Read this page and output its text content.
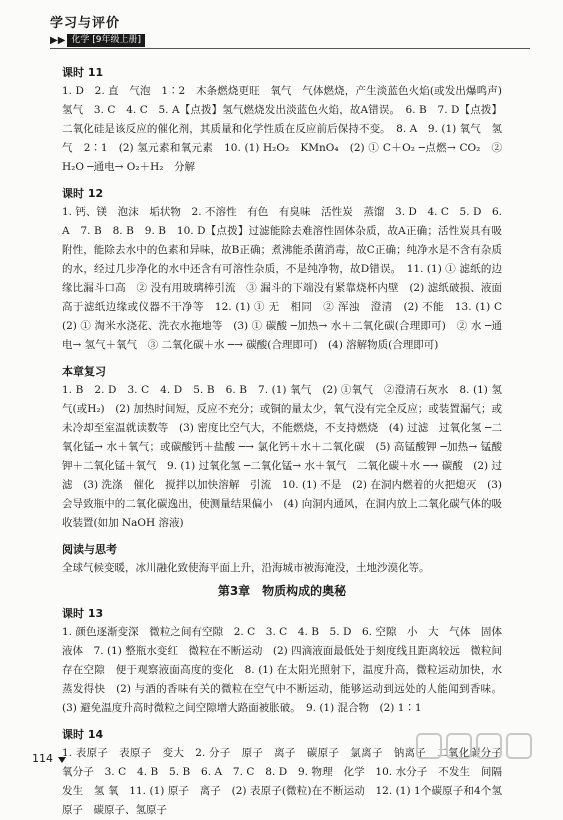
学习与评价
▶▶ 化学 [9年级上册]
课时 11

1. D　2. 直　气泡　1∶2　木条燃烧更旺　氧气　气体燃烧，产生淡蓝色火焰(或发出爆鸣声)　氢气　3. C　4. C　5. A【点拨】氢气燃烧发出淡蓝色火焰，故A错误。　6. B　7. D【点拨】二氧化硅是该反应的催化剂，其质量和化学性质在反应前后保持不变。　8. A　9. (1) 氧气　氢气　2∶1　(2) 氢元素和氧元素　10. (1) H₂O₂　KMnO₄　(2) ① C＋O₂ ─点燃→ CO₂　② H₂O ─通电→ O₂＋H₂　分解

课时 12

1. 钙、镁　泡沫　垢状物　2. 不溶性　有色　有臭味　活性炭　蒸馏　3. D　4. C　5. D　6. A　7. B　8. B　9. B　10. D【点拨】过滤能除去难溶性固体杂质，故A正确；活性炭具有吸附性，能除去水中的色素和异味，故B正确；煮沸能杀菌消毒，故C正确；纯净水是不含有杂质的水，经过几步净化的水中还含有可溶性杂质，不是纯净物，故D错误。　11. (1) ① 滤纸的边缘比漏斗口高　② 没有用玻璃棒引流　③ 漏斗的下端没有紧靠烧杯内壁　(2) 滤纸破损、液面高于滤纸边缘或仪器不干净等　12. (1) ① 无　相同　② 浑浊　澄清　(2) 不能　13. (1) C　(2) ① 淘米水浇花、洗衣水拖地等　(3) ① 碳酸 ─加热→ 水＋二氧化碳(合理即可)　② 水 ─通电→ 氢气＋氧气　③ 二氧化碳＋水 ─→ 碳酸(合理即可)　(4) 溶解物质(合理即可)

本章复习

1. B　2. D　3. C　4. D　5. B　6. B　7. (1) 氧气　(2) ①氧气　②澄清石灰水　8. (1) 氢气(或H₂)　(2) 加热时间短，反应不充分；或铜的量太少，氧气没有完全反应；或装置漏气；或未冷却至室温就读数等　(3) 密度比空气大，不能燃烧，不支持燃烧　(4) 过滤　过氧化氢 ─二氧化锰→ 水＋氧气；或碳酸钙＋盐酸 ─→ 氯化钙＋水＋二氧化碳　(5) 高锰酸钾 ─加热→ 锰酸钾＋二氧化锰＋氧气　9. (1) 过氧化氢 ─二氧化锰→ 水＋氧气　二氧化碳＋水 ─→ 碳酸　(2) 过滤　(3) 洗涤　催化　搅拌以加快溶解　引流　10. (1) 不是　(2) 在洞内燃着的火把熄灭　(3) 会导致瓶中的二氧化碳逸出，使测量结果偏小　(4) 向洞内通风，在洞内放上二氧化碳气体的吸收装置(如加 NaOH 溶液)

阅读与思考

全球气候变暖，冰川融化致使海平面上升，沿海城市被海淹没，土地沙漠化等。

第3章　物质构成的奥秘
课时 13

1. 颜色逐渐变深　微粒之间有空隙　2. C　3. C　4. B　5. D　6. 空隙　小　大　气体　固体　液体　7. (1) 整瓶水变红　微粒在不断运动　(2) 四滴液面最低处于刻度线且距离较远　微粒间存在空隙　便于观察液面高度的变化　8. (1) 在太阳光照射下，温度升高，微粒运动加快，水蒸发得快　(2) 与酒的香味有关的微粒在空气中不断运动，能够运动到远处的人能闻到香味。(3) 避免温度升高时微粒之间空隙增大路面被胀破。　9. (1) 混合物　(2) 1∶1

课时 14

1. 表原子　表原子　变大　2. 分子　原子　离子　碳原子　氯离子　钠离子　二氧化碳分子　氧分子　3. C　4. B　5. B　6. A　7. C　8. D　9. 物理　化学　10. 水分子　不发生　间隔　发生　氢 氧　11. (1) 原子　离子　(2) 表原子(微粒)在不断运动　12. (1) 1个碳原子和4个氢原子　碳原子、氢原子

114
